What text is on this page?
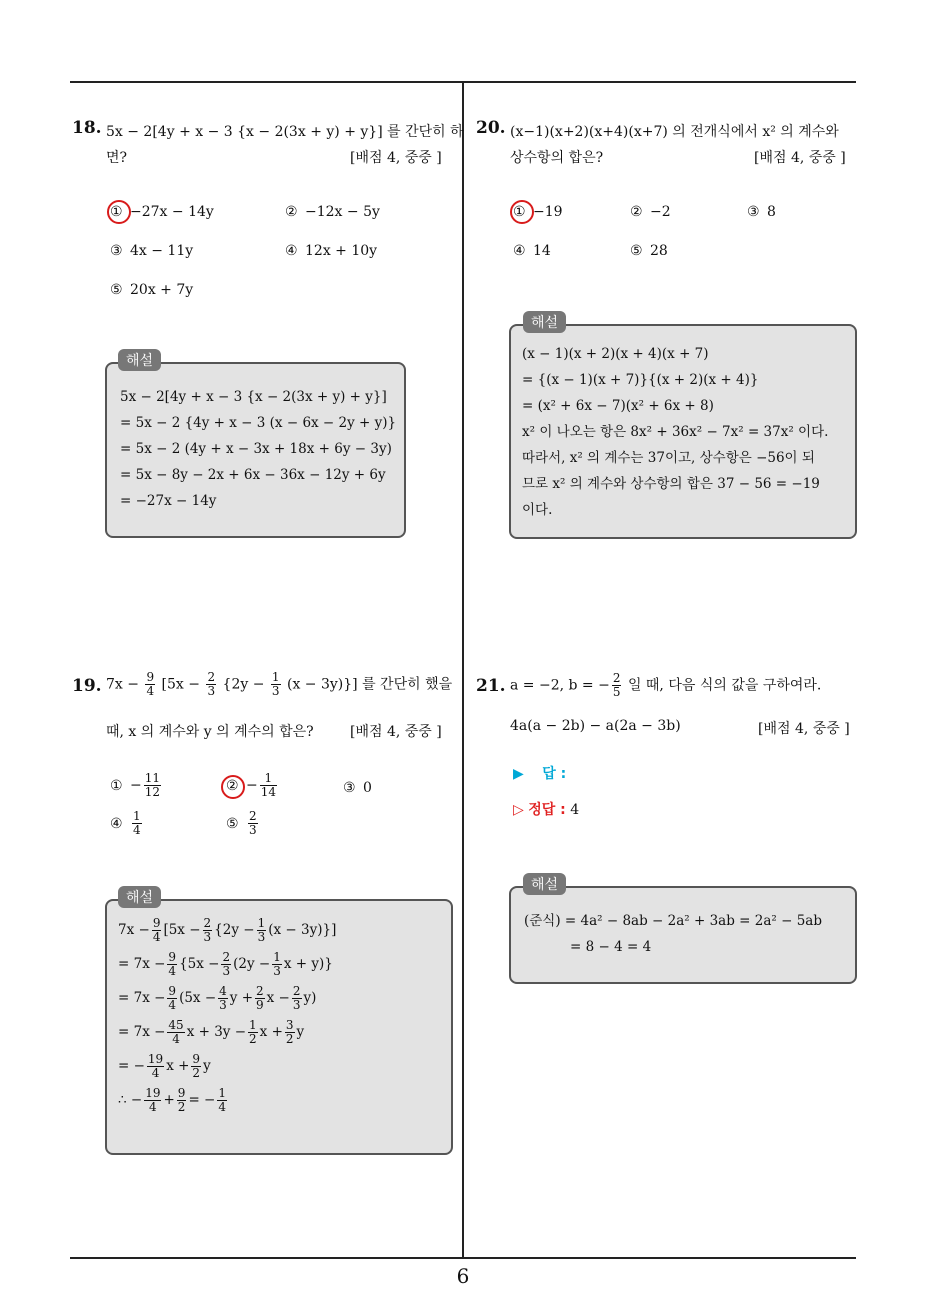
18. 5x − 2[4y + x − 3 {x − 2(3x + y) + y}] 를 간단히 하
면?	[배점 4, 중중 ]
① −27x − 14y	② −12x − 5y
③ 4x − 11y	④ 12x + 10y
⑤ 20x + 7y
해설
5x − 2[4y + x − 3 {x − 2(3x + y) + y}]
= 5x − 2 {4y + x − 3 (x − 6x − 2y + y)}
= 5x − 2 (4y + x − 3x + 18x + 6y − 3y)
= 5x − 8y − 2x + 6x − 36x − 12y + 6y
= −27x − 14y
20. (x−1)(x+2)(x+4)(x+7) 의 전개식에서 x² 의 계수와
상수항의 합은?	[배점 4, 중중 ]
① −19	② −2	③ 8
④ 14	⑤ 28
해설
(x − 1)(x + 2)(x + 4)(x + 7)
= {(x − 1)(x + 7)}{(x + 2)(x + 4)}
= (x² + 6x − 7)(x² + 6x + 8)
x² 이 나오는 항은 8x² + 36x² − 7x² = 37x² 이다.
따라서, x² 의 계수는 37이고, 상수항은 −56이 되
므로 x² 의 계수와 상수항의 합은 37 − 56 = −19
이다.
19. $7x - \frac{9}{4} [5x - \frac{2}{3} \{2y - \frac{1}{3} (x - 3y)\}]$ 를 간단히 했을
때, x 의 계수와 y 의 계수의 합은?	[배점 4, 중중 ]
① − $\frac{11}{12}$	② − $\frac{1}{14}$	③ 0
④ $\frac{1}{4}$	⑤ $\frac{2}{3}$
해설
$7x - \frac{9}{4} [5x - \frac{2}{3} \{2y - \frac{1}{3} (x - 3y)\}]$
= $7x - \frac{9}{4} \{5x - \frac{2}{3} (2y - \frac{1}{3}$ x + y)}
= $7x - \frac{9}{4} (5x - \frac{4}{3}$ $y + \frac{2}{9}$ $x - \frac{2}{3} y$)
= $7x - \frac{45}{4}$ $x + 3y - \frac{1}{2}$ $x + \frac{3}{2}$ y
= − $\frac{19}{4}$ $x + \frac{9}{2}$ y
∴ − $\frac{19}{4} + \frac{9}{2}$ = − $\frac{1}{4}$
21. a = −2, b = − $\frac{2}{5}$ 일 때, 다음 식의 값을 구하여라.
4a(a − 2b) − a(2a − 3b)	[배점 4, 중중 ]
▶ 답 :
▷ 정답 : 4
해설
(준식) = 4a² − 8ab − 2a² + 3ab = 2a² − 5ab
= 8 − 4 = 4
6
